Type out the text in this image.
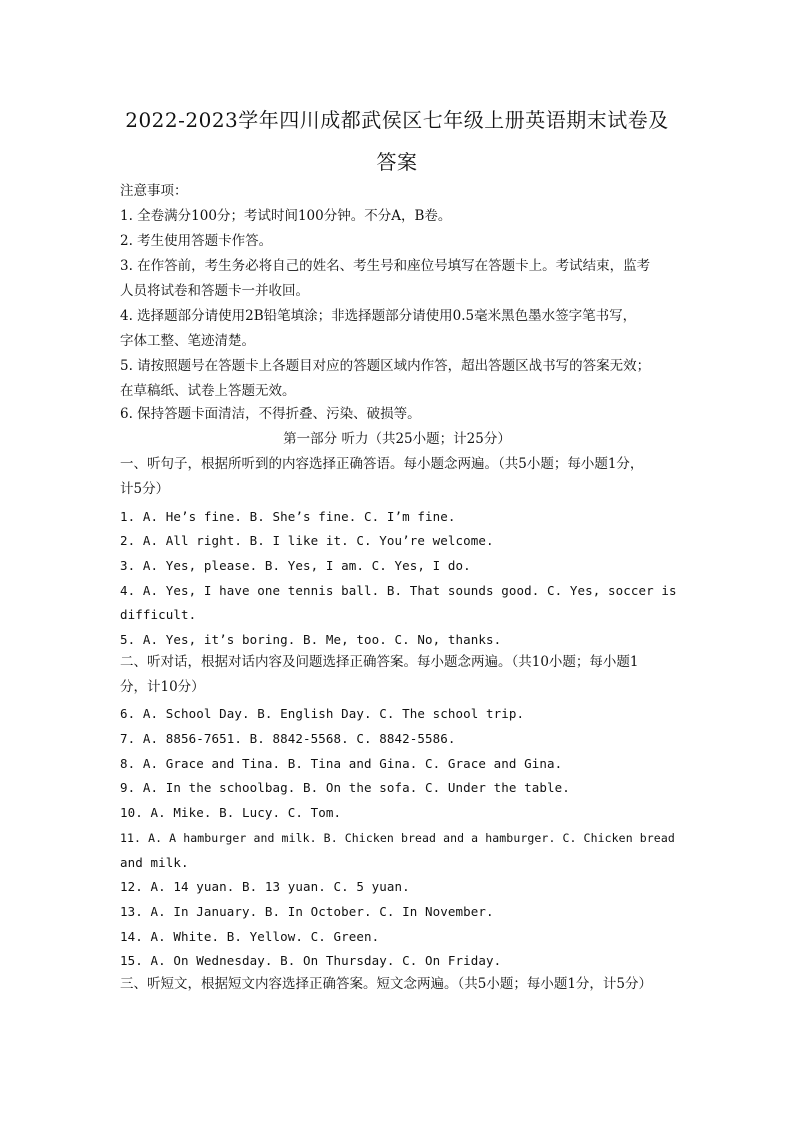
2022-2023学年四川成都武侯区七年级上册英语期末试卷及
答案
注意事项：
1. 全卷满分100分；考试时间100分钟。不分A，B卷。
2. 考生使用答题卡作答。
3. 在作答前，考生务必将自己的姓名、考生号和座位号填写在答题卡上。考试结束，监考
人员将试卷和答题卡一并收回。
4. 选择题部分请使用2B铅笔填涂；非选择题部分请使用0.5毫米黑色墨水签字笔书写，
字体工整、笔迹清楚。
5. 请按照题号在答题卡上各题目对应的答题区域内作答，超出答题区战书写的答案无效；
在草稿纸、试卷上答题无效。
6. 保持答题卡面清洁，不得折叠、污染、破损等。
第一部分 听力（共25小题；计25分）
一、听句子，根据所听到的内容选择正确答语。每小题念两遍。（共5小题；每小题1分，
计5分）
1. A. He’s fine. B. She’s fine. C. I’m fine.
2. A. All right. B. I like it. C. You’re welcome.
3. A. Yes, please. B. Yes, I am. C. Yes, I do.
4. A. Yes, I have one tennis ball. B. That sounds good. C. Yes, soccer is
difficult.
5. A. Yes, it’s boring. B. Me, too. C. No, thanks.
二、听对话，根据对话内容及问题选择正确答案。每小题念两遍。（共10小题；每小题1
分，计10分）
6. A. School Day. B. English Day. C. The school trip.
7. A. 8856-7651. B. 8842-5568. C. 8842-5586.
8. A. Grace and Tina. B. Tina and Gina. C. Grace and Gina.
9. A. In the schoolbag. B. On the sofa. C. Under the table.
10. A. Mike. B. Lucy. C. Tom.
11. A. A hamburger and milk. B. Chicken bread and a hamburger. C. Chicken bread
and milk.
12. A. 14 yuan. B. 13 yuan. C. 5 yuan.
13. A. In January. B. In October. C. In November.
14. A. White. B. Yellow. C. Green.
15. A. On Wednesday. B. On Thursday. C. On Friday.
三、听短文，根据短文内容选择正确答案。短文念两遍。（共5小题；每小题1分，计5分）
